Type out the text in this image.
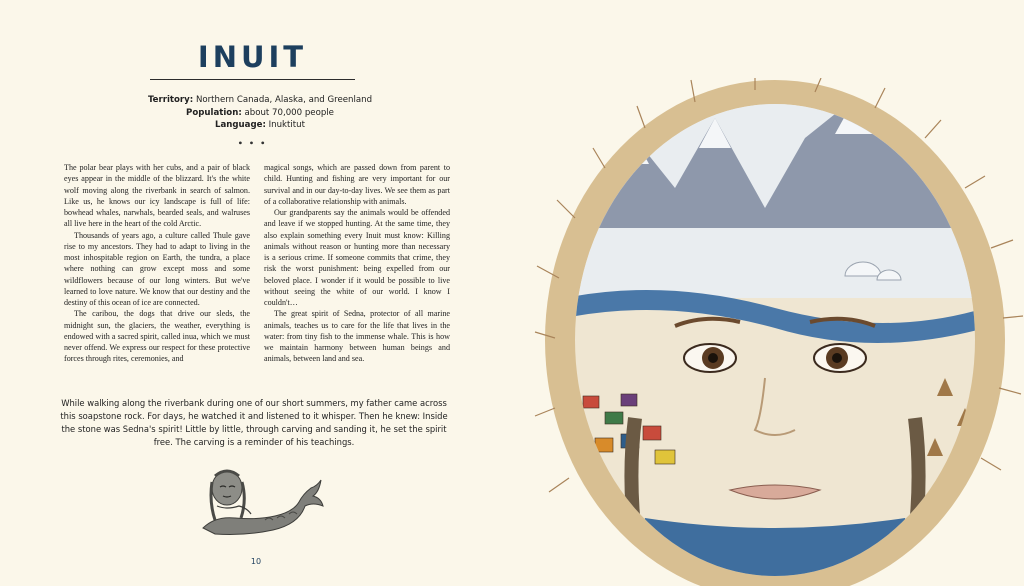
INUIT
Territory: Northern Canada, Alaska, and Greenland
Population: about 70,000 people
Language: Inuktitut
• • •

The polar bear plays with her cubs, and a pair of black eyes appear in the middle of the blizzard. It's the white wolf moving along the riverbank in search of salmon. Like us, he knows our icy landscape is full of life: bowhead whales, narwhals, bearded seals, and walruses all live here in the heart of the cold Arctic.

Thousands of years ago, a culture called Thule gave rise to my ancestors. They had to adapt to living in the most inhospitable region on Earth, the tundra, a place where nothing can grow except moss and some wildflowers because of our long winters. But we've learned to love nature. We know that our destiny and the destiny of this ocean of ice are connected.

The caribou, the dogs that drive our sleds, the midnight sun, the glaciers, the weather, everything is endowed with a sacred spirit, called inua, which we must never offend. We express our respect for these protective forces through rites, ceremonies, and

magical songs, which are passed down from parent to child. Hunting and fishing are very important for our survival and in our day-to-day lives. We see them as part of a collaborative relationship with animals.

Our grandparents say the animals would be offended and leave if we stopped hunting. At the same time, they also explain something every Inuit must know: Killing animals without reason or hunting more than necessary is a serious crime. If someone commits that crime, they risk the worst punishment: being expelled from our beloved place. I wonder if it would be possible to live without seeing the white of our world. I know I couldn't…

The great spirit of Sedna, protector of all marine animals, teaches us to care for the life that lives in the water: from tiny fish to the immense whale. This is how we maintain harmony between human beings and animals, between land and sea.

While walking along the riverbank during one of our short summers, my father came across this soapstone rock. For days, he watched it and listened to it whisper. Then he knew: Inside the stone was Sedna's spirit! Little by little, through carving and sanding it, he set the spirit free. The carving is a reminder of his teachings.
10
